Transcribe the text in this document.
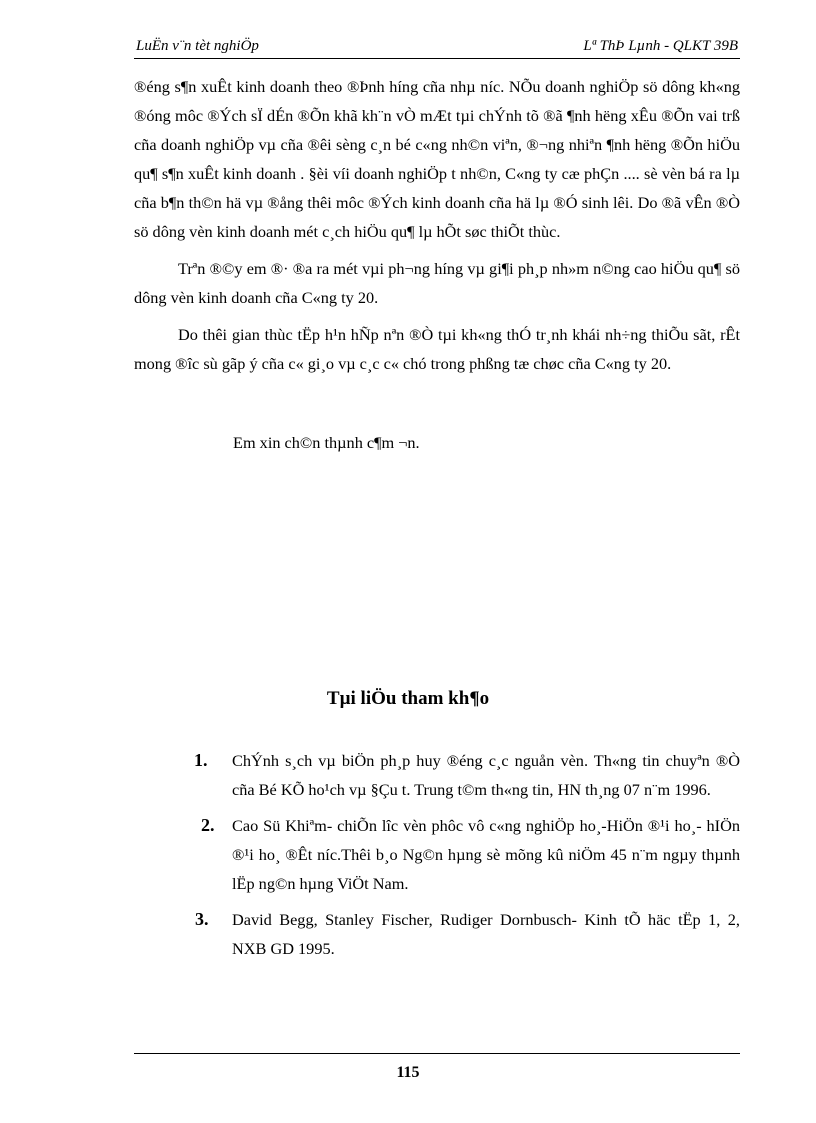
LuËn v¨n tèt nghiÖp	Lª ThÞ Lµnh - QLKT 39B

®éng s¶n xuÊt kinh doanh theo ®Þnh híng cña nhµ níc. NÕu doanh nghiÖp sö dông kh«ng ®óng môc ®Ých sÏ dÉn ®Õn khã kh¨n vÒ mÆt tµi chÝnh tõ ®ã ¶nh hëng xÊu ®Õn vai trß cña doanh nghiÖp vµ cña ®êi sèng c¸n bé c«ng nh©n viªn, ®¬ng nhiªn ¶nh hëng ®Õn hiÖu qu¶ s¶n xuÊt kinh doanh . §èi víi doanh nghiÖp t nh©n, C«ng ty cæ phÇn .... sè vèn bá ra lµ cña b¶n th©n hä vµ ®ång thêi môc ®Ých kinh doanh cña hä lµ ®Ó sinh lêi. Do ®ã vÊn ®Ò sö dông vèn kinh doanh mét c¸ch hiÖu qu¶ lµ hÕt søc thiÕt thùc.

Trªn ®©y em ®· ®a ra mét vµi ph¬ng híng vµ gi¶i ph¸p nh»m n©ng cao hiÖu qu¶ sö dông vèn kinh doanh cña C«ng ty 20.

Do thêi gian thùc tËp h¹n hÑp nªn ®Ò tµi kh«ng thÓ tr¸nh khái nh÷ng thiÕu sãt, rÊt mong ®îc sù gãp ý cña c« gi¸o vµ c¸c c« chó trong phßng tæ chøc cña C«ng ty 20.

Em xin ch©n thµnh c¶m ¬n.
Tµi liÖu tham kh¶o
1. ChÝnh s¸ch vµ biÖn ph¸p huy ®éng c¸c nguån vèn. Th«ng tin chuyªn ®Ò cña Bé KÕ ho¹ch vµ §Çu t. Trung t©m th«ng tin, HN th¸ng 07 n¨m 1996.
2. Cao Sü Khiªm- chiÕn lîc vèn phôc vô c«ng nghiÖp ho¸-HiÖn ®¹i ho¸- hIÖn ®¹i ho¸ ®Êt níc.Thêi b¸o Ng©n hµng sè mõng kû niÖm 45 n¨m ngµy thµnh lËp ng©n hµng ViÖt Nam.
3. David Begg, Stanley Fischer, Rudiger Dornbusch- Kinh tÕ häc tËp 1, 2, NXB GD 1995.
115
